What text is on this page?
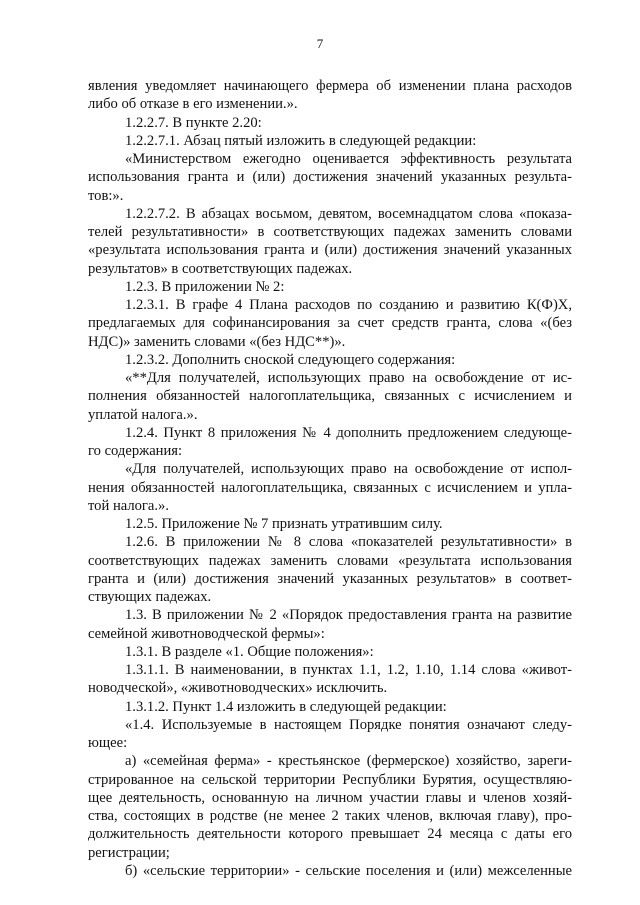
7
явления уведомляет начинающего фермера об изменении плана расходов
либо об отказе в его изменении.».
1.2.2.7. В пункте 2.20:
1.2.2.7.1. Абзац пятый изложить в следующей редакции:
«Министерством ежегодно оценивается эффективность результата
использования гранта и (или) достижения значений указанных результа-
тов:».
1.2.2.7.2. В абзацах восьмом, девятом, восемнадцатом слова «показа-
телей результативности» в соответствующих падежах заменить словами
«результата использования гранта и (или) достижения значений указанных
результатов» в соответствующих падежах.
1.2.3. В приложении № 2:
1.2.3.1. В графе 4 Плана расходов по созданию и развитию К(Ф)Х,
предлагаемых для софинансирования за счет средств гранта, слова «(без
НДС)» заменить словами «(без НДС**)».
1.2.3.2. Дополнить сноской следующего содержания:
«**Для получателей, использующих право на освобождение от ис-
полнения обязанностей налогоплательщика, связанных с исчислением и
уплатой налога.».
1.2.4. Пункт 8 приложения № 4 дополнить предложением следующе-
го содержания:
«Для получателей, использующих право на освобождение от испол-
нения обязанностей налогоплательщика, связанных с исчислением и упла-
той налога.».
1.2.5. Приложение № 7 признать утратившим силу.
1.2.6. В приложении № 8 слова «показателей результативности» в
соответствующих падежах заменить словами «результата использования
гранта и (или) достижения значений указанных результатов» в соответ-
ствующих падежах.
1.3. В приложении № 2 «Порядок предоставления гранта на развитие
семейной животноводческой фермы»:
1.3.1. В разделе «1. Общие положения»:
1.3.1.1. В наименовании, в пунктах 1.1, 1.2, 1.10, 1.14 слова «живот-
новодческой», «животноводческих» исключить.
1.3.1.2. Пункт 1.4 изложить в следующей редакции:
«1.4. Используемые в настоящем Порядке понятия означают следу-
ющее:
а) «семейная ферма» - крестьянское (фермерское) хозяйство, зареги-
стрированное на сельской территории Республики Бурятия, осуществляю-
щее деятельность, основанную на личном участии главы и членов хозяй-
ства, состоящих в родстве (не менее 2 таких членов, включая главу), про-
должительность деятельности которого превышает 24 месяца с даты его
регистрации;
б) «сельские территории» - сельские поселения и (или) межселенные
